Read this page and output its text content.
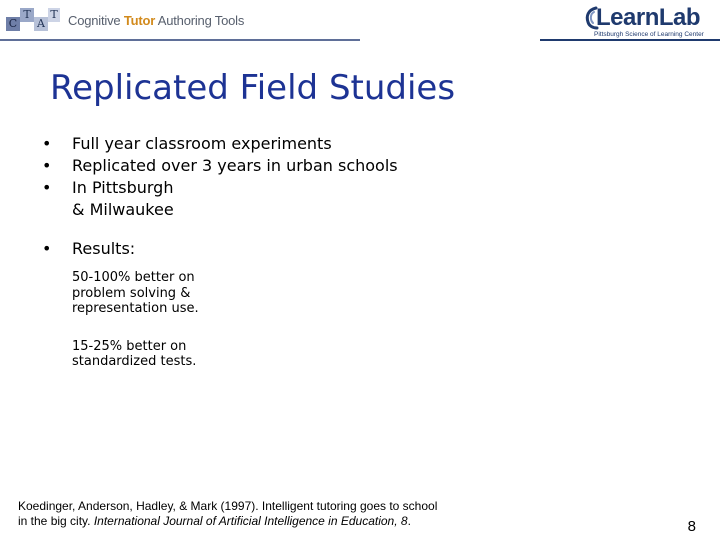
C
T
A
T Cognitive Tutor Authoring Tools	LearnLab
Pittsburgh Science of Learning Center
Replicated Field Studies
•	Full year classroom experiments
•	Replicated over 3 years in urban schools
•	In Pittsburgh
& Milwaukee
•	Results:
50-100% better on problem solving & representation use.
15-25% better on standardized tests.
Koedinger, Anderson, Hadley, & Mark (1997). Intelligent tutoring goes to school
in the big city. International Journal of Artificial Intelligence in Education, 8.	8
